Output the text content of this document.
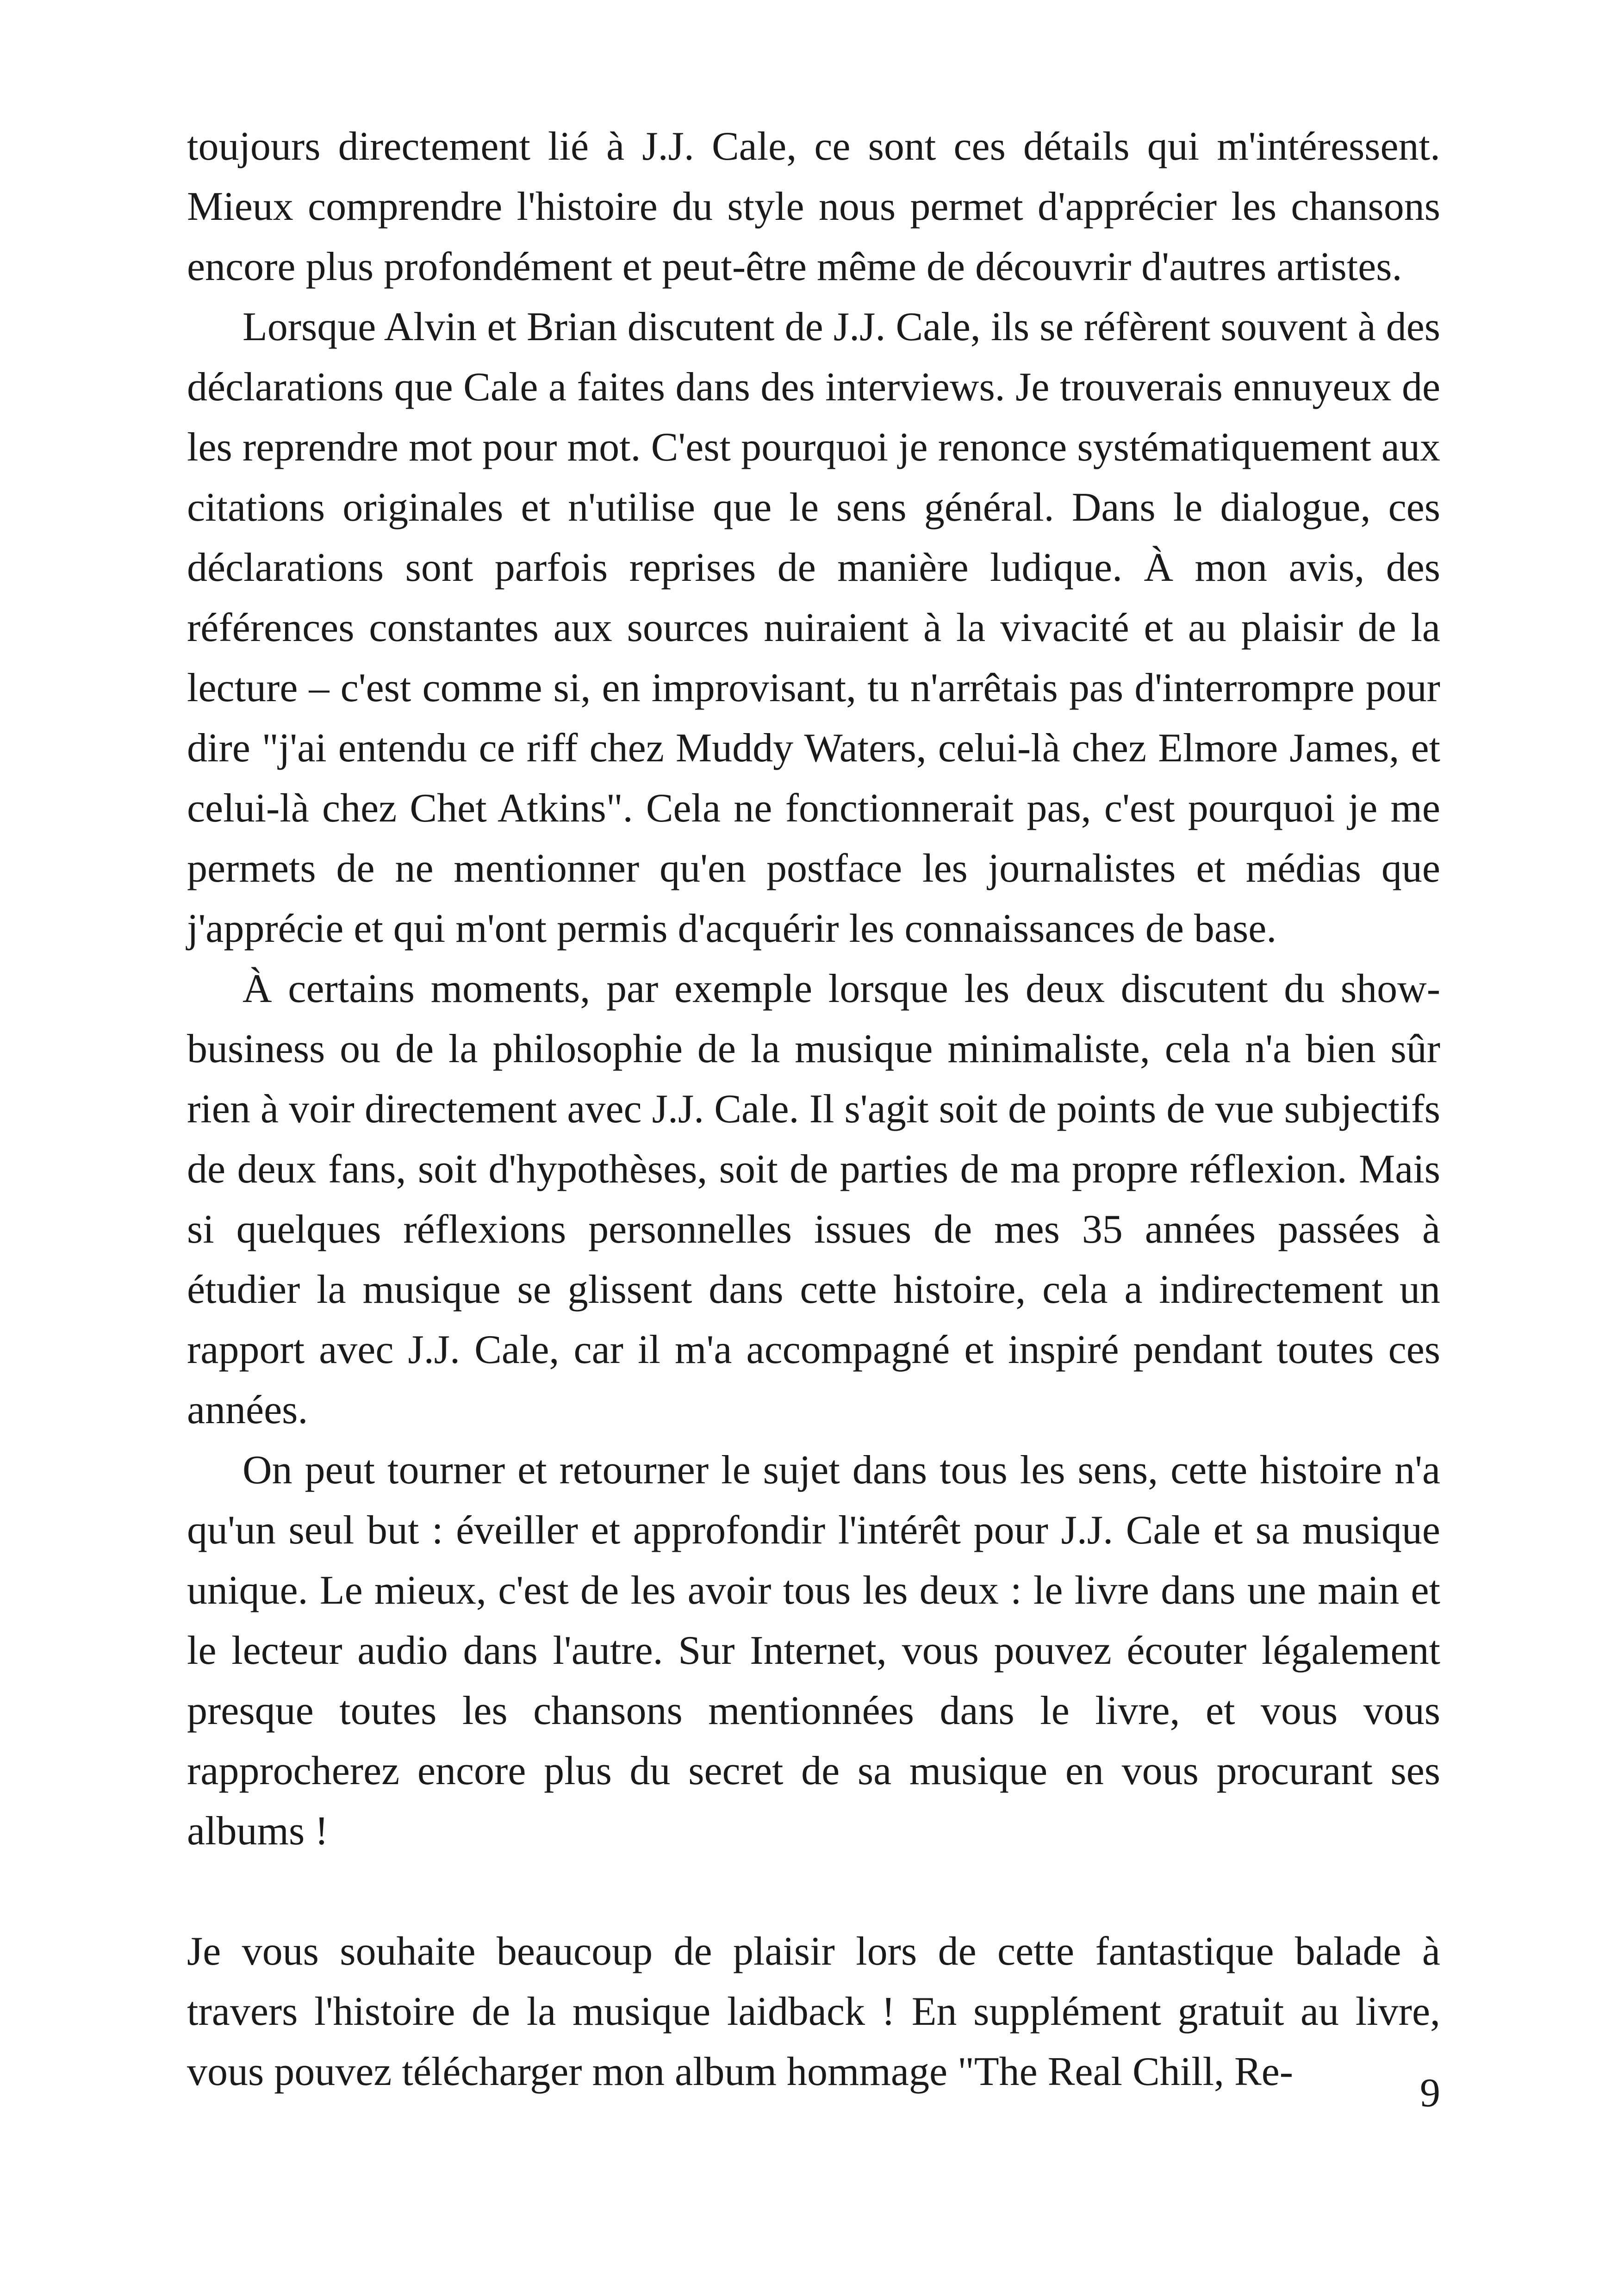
toujours directement lié à J.J. Cale, ce sont ces détails qui m'intéressent. Mieux comprendre l'histoire du style nous permet d'apprécier les chansons encore plus profondément et peut-être même de découvrir d'autres artistes.

Lorsque Alvin et Brian discutent de J.J. Cale, ils se réfèrent souvent à des déclarations que Cale a faites dans des interviews. Je trouverais ennuyeux de les reprendre mot pour mot. C'est pourquoi je renonce systématiquement aux citations originales et n'utilise que le sens général. Dans le dialogue, ces déclarations sont parfois reprises de manière ludique. À mon avis, des références constantes aux sources nuiraient à la vivacité et au plaisir de la lecture – c'est comme si, en improvisant, tu n'arrêtais pas d'interrompre pour dire "j'ai entendu ce riff chez Muddy Waters, celui-là chez Elmore James, et celui-là chez Chet Atkins". Cela ne fonctionnerait pas, c'est pourquoi je me permets de ne mentionner qu'en postface les journalistes et médias que j'apprécie et qui m'ont permis d'acquérir les connaissances de base.

À certains moments, par exemple lorsque les deux discutent du show-business ou de la philosophie de la musique minimaliste, cela n'a bien sûr rien à voir directement avec J.J. Cale. Il s'agit soit de points de vue subjectifs de deux fans, soit d'hypothèses, soit de parties de ma propre réflexion. Mais si quelques réflexions personnelles issues de mes 35 années passées à étudier la musique se glissent dans cette histoire, cela a indirectement un rapport avec J.J. Cale, car il m'a accompagné et inspiré pendant toutes ces années.

On peut tourner et retourner le sujet dans tous les sens, cette histoire n'a qu'un seul but : éveiller et approfondir l'intérêt pour J.J. Cale et sa musique unique. Le mieux, c'est de les avoir tous les deux : le livre dans une main et le lecteur audio dans l'autre. Sur Internet, vous pouvez écouter légalement presque toutes les chansons mentionnées dans le livre, et vous vous rapprocherez encore plus du secret de sa musique en vous procurant ses albums !

Je vous souhaite beaucoup de plaisir lors de cette fantastique balade à travers l'histoire de la musique laidback ! En supplément gratuit au livre, vous pouvez télécharger mon album hommage "The Real Chill, Re-	9
